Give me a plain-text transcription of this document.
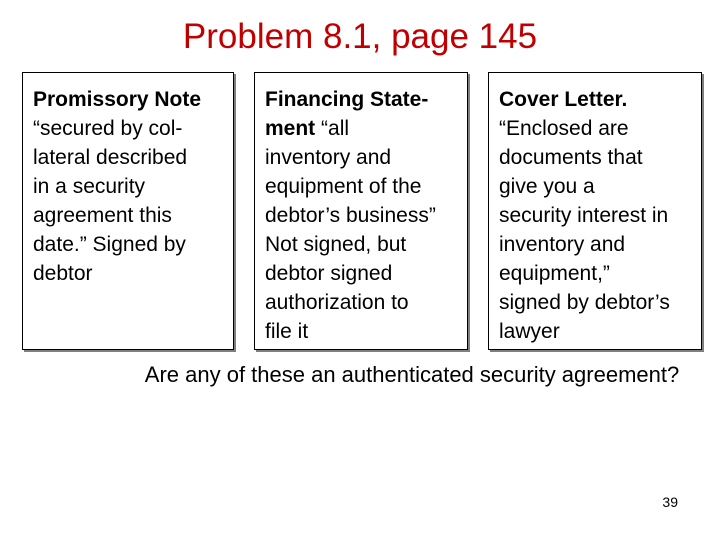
Problem 8.1, page 145

Promissory Note
“secured by col-
lateral described
in a security
agreement this
date.” Signed by
debtor

Financing State-
ment “all
inventory and
equipment of the
debtor’s business”
Not signed, but
debtor signed
authorization to
file it

Cover Letter.
“Enclosed are
documents that
give you a
security interest in
inventory and
equipment,”
signed by debtor’s
lawyer

Are any of these an authenticated security agreement?
39
